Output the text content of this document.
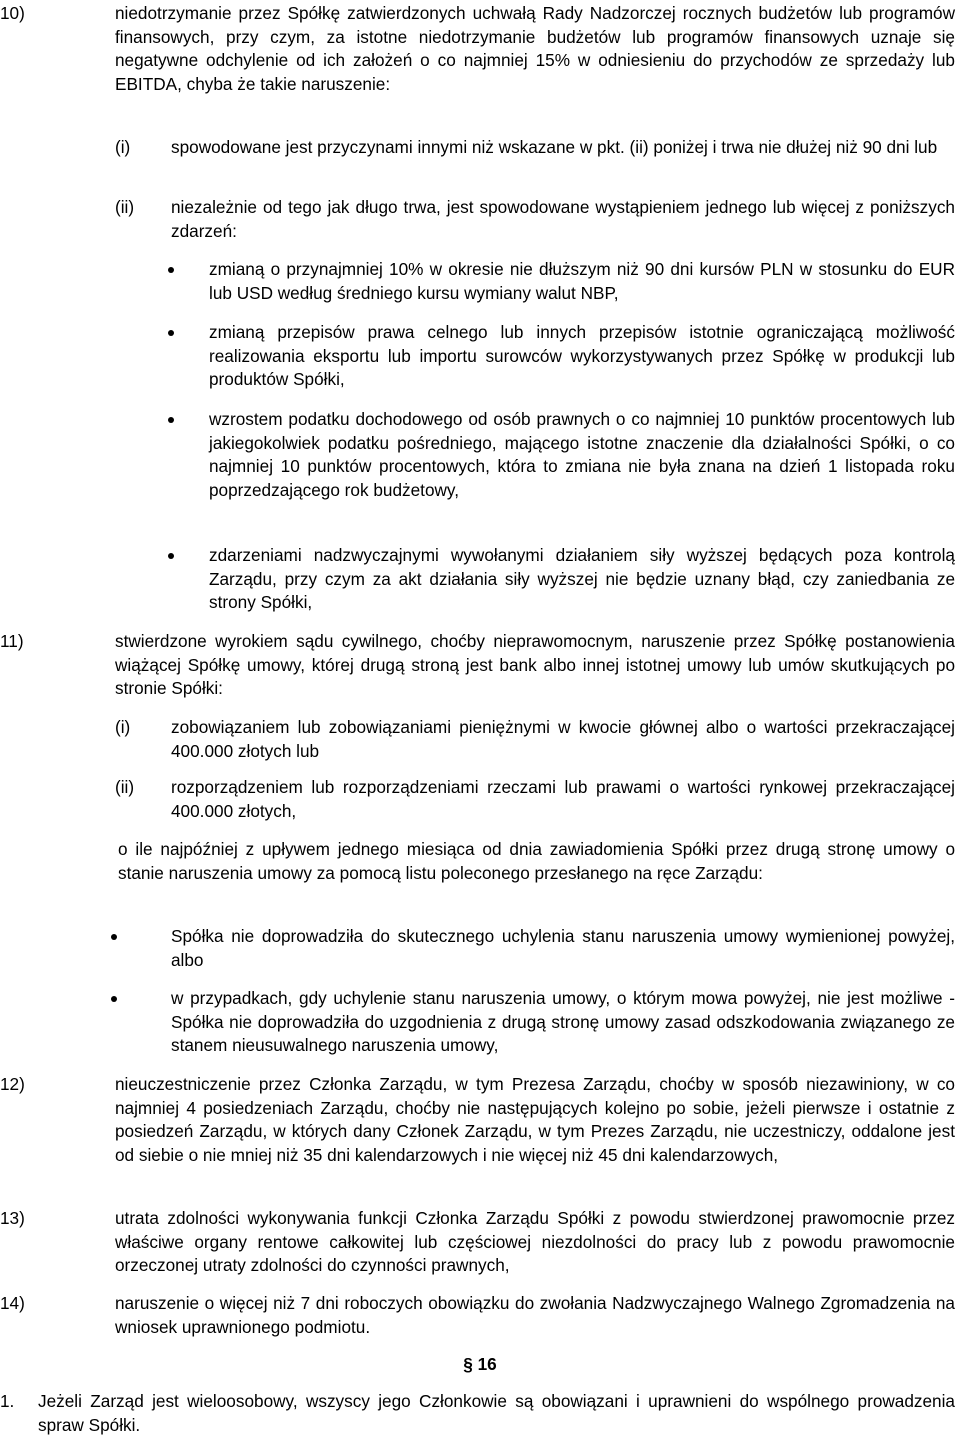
10)	niedotrzymanie przez Spółkę zatwierdzonych uchwałą Rady Nadzorczej rocznych budżetów lub programów finansowych, przy czym, za istotne niedotrzymanie budżetów lub programów finansowych uznaje się negatywne odchylenie od ich założeń o co najmniej 15% w odniesieniu do przychodów ze sprzedaży lub EBITDA, chyba że takie naruszenie:
(i) spowodowane jest przyczynami innymi niż wskazane w pkt. (ii) poniżej i trwa nie dłużej niż 90 dni lub
(ii) niezależnie od tego jak długo trwa, jest spowodowane wystąpieniem jednego lub więcej z poniższych zdarzeń:
zmianą o przynajmniej 10% w okresie nie dłuższym niż 90 dni kursów PLN w stosunku do EUR lub USD według średniego kursu wymiany walut NBP,
zmianą przepisów prawa celnego lub innych przepisów istotnie ograniczającą możliwość realizowania eksportu lub importu surowców wykorzystywanych przez Spółkę w produkcji lub produktów Spółki,
wzrostem podatku dochodowego od osób prawnych o co najmniej 10 punktów procentowych lub jakiegokolwiek podatku pośredniego, mającego istotne znaczenie dla działalności Spółki, o co najmniej 10 punktów procentowych, która to zmiana nie była znana na dzień 1 listopada roku poprzedzającego rok budżetowy,
zdarzeniami nadzwyczajnymi wywołanymi działaniem siły wyższej będących poza kontrolą Zarządu, przy czym za akt działania siły wyższej nie będzie uznany błąd, czy zaniedbania ze strony Spółki,
11)	stwierdzone wyrokiem sądu cywilnego, choćby nieprawomocnym, naruszenie przez Spółkę postanowienia wiążącej Spółkę umowy, której drugą stroną jest bank albo innej istotnej umowy lub umów skutkujących po stronie Spółki:
(i) zobowiązaniem lub zobowiązaniami pieniężnymi w kwocie głównej albo o wartości przekraczającej 400.000 złotych lub
(ii) rozporządzeniem lub rozporządzeniami rzeczami lub prawami o wartości rynkowej przekraczającej 400.000 złotych,
o ile najpóźniej z upływem jednego miesiąca od dnia zawiadomienia Spółki przez drugą stronę umowy o stanie naruszenia umowy za pomocą listu poleconego przesłanego na ręce Zarządu:
Spółka nie doprowadziła do skutecznego uchylenia stanu naruszenia umowy wymienionej powyżej, albo
w przypadkach, gdy uchylenie stanu naruszenia umowy, o którym mowa powyżej, nie jest możliwe - Spółka nie doprowadziła do uzgodnienia z drugą stronę umowy zasad odszkodowania związanego ze stanem nieusuwalnego naruszenia umowy,
12)	nieuczestniczenie przez Członka Zarządu, w tym Prezesa Zarządu, choćby w sposób niezawiniony, w co najmniej 4 posiedzeniach Zarządu, choćby nie następujących kolejno po sobie, jeżeli pierwsze i ostatnie z posiedzeń Zarządu, w których dany Członek Zarządu, w tym Prezes Zarządu, nie uczestniczy, oddalone jest od siebie o nie mniej niż 35 dni kalendarzowych i nie więcej niż 45 dni kalendarzowych,
13)	utrata zdolności wykonywania funkcji Członka Zarządu Spółki z powodu stwierdzonej prawomocnie przez właściwe organy rentowe całkowitej lub częściowej niezdolności do pracy lub z powodu prawomocnie orzeczonej utraty zdolności do czynności prawnych,
14)	naruszenie o więcej niż 7 dni roboczych obowiązku do zwołania Nadzwyczajnego Walnego Zgromadzenia na wniosek uprawnionego podmiotu.
§ 16
1. Jeżeli Zarząd jest wieloosobowy, wszyscy jego Członkowie są obowiązani i uprawnieni do wspólnego prowadzenia spraw Spółki.
